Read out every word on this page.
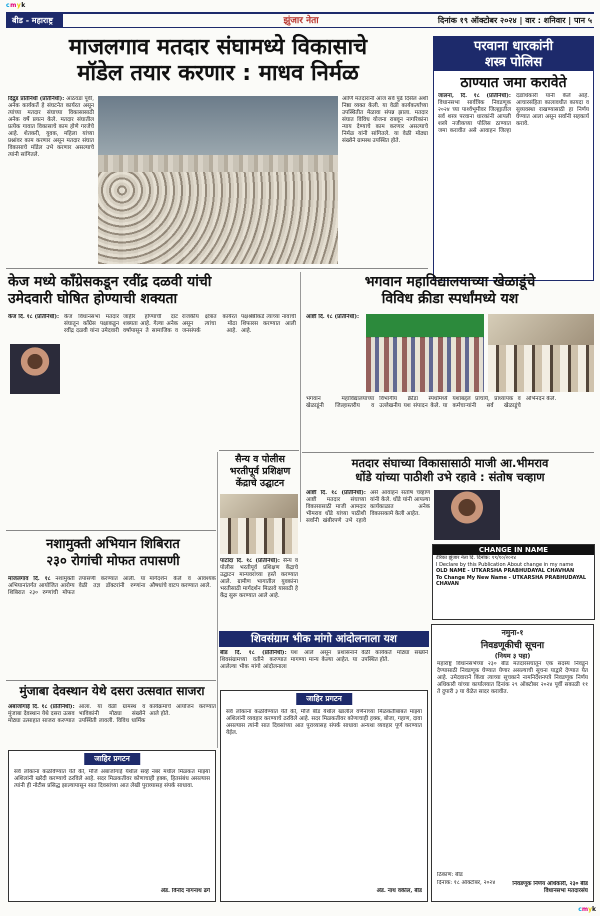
cmyk
बीड - महाराष्ट्र	झुंजार नेता	दिनांक १९ ऑक्टोबर २०२४ | वार : शनिवार | पान ५
माजलगाव मतदार संघामध्ये विकासाचे
मॉडेल तयार करणार : माधव निर्मळ
दिंद्रुड प्रतिनिधी (प्रतिनिधी): आठवडा पूर्वी, अनेक कार्यकर्ते हे संघटनेत कार्यरत असून त्यांच्या मतदार संघाच्या विकासासाठी अनेक वर्षे प्रयत्न केले. मतदार संघातील प्रत्येक गावात विकासाचे काम होणे गरजेचे आहे. शेतकरी, युवक, महिला यांच्या प्रश्नांवर काम करणार असून मतदार संघात विकासाचे मॉडेल उभे करणार असल्याचे त्यांनी सांगितले.
आणि मतदारांनी आज सर्व पुढे दिसेल अशी निष्ठा व्यक्त केली. या वेळी कार्यकर्त्यांच्या उपस्थितीत मेळावा संपन्न झाला. मतदार संघात विविध योजना राबवून नागरिकांना न्याय देण्याचे काम करणार असल्याचे निर्मळ यांनी सांगितले. या वेळी मोठ्या संख्येने ग्रामस्थ उपस्थित होते.
परवाना धारकांनी
शस्त्र पोलिस
ठाण्यात जमा करावेते
जालना, दि. १८ (प्रतिनिधी): विधानसभा सार्वत्रिक निवडणूक २०२४ च्या पार्श्वभूमीवर जिल्ह्यातील सर्व शस्त्र परवाना धारकांनी आपली शस्त्रे नजीकच्या पोलिस ठाण्यात जमा करावीत असे आवाहन जिल्हा दंडाधिकारी यांनी केले आहे. आचारसंहिता कालावधीत कायदा व सुव्यवस्था राखण्यासाठी हा निर्णय घेण्यात आला असून सर्वांनी सहकार्य करावे.
केज मध्ये कॉंग्रेसकडून रवींद्र दळवी यांची
उमेदवारी घोषित होण्याची शक्यता
केज दि. १८ (प्रतिनिधी): केज विधानसभा मतदार संघातून कॉंग्रेस पक्षाकडून रवींद्र दळवी यांना उमेदवारी जाहीर होण्याची दाट शक्यता आहे. गेल्या अनेक वर्षांपासून ते सामाजिक व राजकीय क्षेत्रात कार्यरत असून त्यांचा मोठा जनसंपर्क आहे. पक्षश्रेष्ठींकडे त्यांच्या नावाची शिफारस करण्यात आली आहे.
भगवान महाविद्यालयाच्या खेळाडूंचे
विविध क्रीडा स्पर्धांमध्ये यश
आष्टी दि. १८ (प्रतिनिधी):
भगवान महाविद्यालयाच्या खेळाडूंनी जिल्हास्तरीय व विभागीय क्रीडा स्पर्धांमध्ये उल्लेखनीय यश संपादन केले. या यशाबद्दल प्राचार्य, प्राध्यापक व कर्मचाऱ्यांनी सर्व खेळाडूंचे अभिनंदन केले.
मतदार संघाच्या विकासासाठी माजी आ.भीमराव
धोंडे यांच्या पाठीशी उभे रहावे : संतोष चव्हाण
आष्टी दि. १८ (प्रतिनिधी): आष्टी मतदार संघाच्या विकासासाठी माजी आमदार भीमराव धोंडे यांच्या पाठीशी सर्वांनी खंबीरपणे उभे रहावे असे आवाहन संतोष चव्हाण यांनी केले. धोंडे यांनी आपल्या कार्यकाळात अनेक विकासकामे केली आहेत.
CHANGE IN NAME
टेरिका झुंजार नेता दि. दिनांक: १९/१०/२०२४
I Declare by this Publication About change in my name
OLD NAME - UTKARSHA PRABHUDAYAL CHAVHAN
To Change My New Name - UTKARSHA PRABHUDAYAL CHAVAN
सैन्य व पोलीस
भरतीपूर्व प्रशिक्षण
केंद्राचे उद्घाटन
नशामुक्ती अभियान शिबिरात
२३० रोगांची मोफत तपासणी
माजलगाव दि. १८ नशामुक्ती अभियानांतर्गत आयोजित आरोग्य शिबिरात २३० रुग्णांची मोफत तपासणी करण्यात आली. या वेळी तज्ञ डॉक्टरांनी रुग्णांना मार्गदर्शन केले व आवश्यक औषधांचे वाटप करण्यात आले.
पाटोदा दि. १८ (प्रतिनिधी): सैन्य व पोलीस भरतीपूर्व प्रशिक्षण केंद्राचे उद्घाटन मान्यवरांच्या हस्ते करण्यात आले. ग्रामीण भागातील युवकांना भरतीसाठी मार्गदर्शन मिळावे यासाठी हे केंद्र सुरू करण्यात आले आहे.
शिवसंग्राम भीक मांगो आंदोलनाला यश
बीड दि. १८ (प्रतिनिधी): शिवसंग्रामच्या वतीने करण्यात आलेल्या भीक मांगो आंदोलनाला यश आले असून प्रशासनाने मागण्या मान्य केल्या आहेत. या वेळी कार्यकर्ते मोठ्या संख्येने उपस्थित होते.
मुंजाबा देवस्थान येथे दसरा उत्सवात साजरा
अंबाजोगाई दि. १८ (प्रतिनिधी): मुंजाबा देवस्थान येथे दसरा उत्सव मोठ्या उत्साहात साजरा करण्यात आला. या वेळी ग्रामस्थ व भाविकांनी मोठ्या संख्येने उपस्थिती लावली. विविध धार्मिक कार्यक्रमांचे आयोजन करण्यात आले होते.
जाहिर प्रगटन
सर्व लोकांना कळविण्यात येते की, मौजे अंबाजोगाई येथील सर्व्हे नंबर मधील मिळकत माझ्या अशिलांनी खरेदी करण्याचे ठरविले आहे. सदर मिळकतीवर कोणाचाही हक्क, हितसंबंध असल्यास त्यांनी ही नोटीस प्रसिद्ध झाल्यापासून सात दिवसांच्या आत लेखी पुराव्यासह संपर्क साधावा.
ॲड. विनोद नागनाथ ढगे
जाहिर प्रगटन
सर्व लोकांना कळविण्यात येते की, मौजे बीड येथील खालील वर्णनाच्या मिळकतीबाबत माझ्या अशिलांनी व्यवहार करण्याचे ठरविले आहे. सदर मिळकतीवर कोणाचाही हक्क, बोजा, गहाण, दावा असल्यास त्यांनी सात दिवसांच्या आत पुराव्यासह संपर्क साधावा अन्यथा व्यवहार पूर्ण करण्यात येईल.
ॲड. नाथ वकील, बीड
नमुना-१
निवडणूकीची सूचना
(नियम ३ पहा)
महाराष्ट्र विधानसभेच्या २३० बीड मतदारसंघातून एक सदस्य निवडून देण्यासाठी निवडणूक घेण्यात येणार असल्याची सूचना याद्वारे देण्यात येत आहे. उमेदवाराने किंवा त्याच्या सूचकाने नामनिर्देशनपत्रे निवडणूक निर्णय अधिकारी यांच्या कार्यालयात दिनांक २९ ऑक्टोबर २०२४ पूर्वी सकाळी ११ ते दुपारी ३ या वेळेत सादर करावीत.
ठिकाण: बीड
दिनांक: १८ ऑक्टोबर, २०२४	निवडणूक निर्णय अधिकारी, २३० बीड विधानसभा मतदारसंघ
cmyk
